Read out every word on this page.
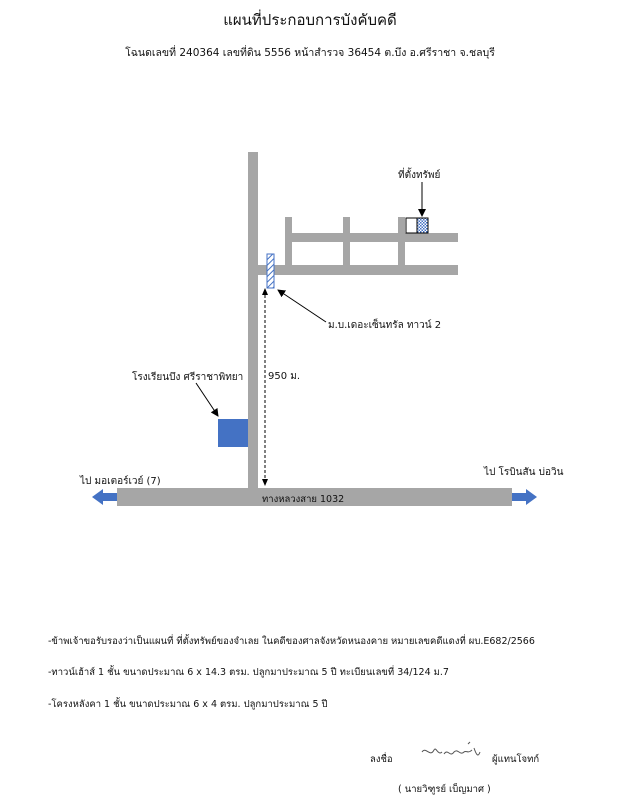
แผนที่ประกอบการบังคับคดี
โฉนดเลขที่ 240364 เลขที่ดิน 5556 หน้าสำรวจ 36454 ต.บึง อ.ศรีราชา จ.ชลบุรี
ที่ตั้งทรัพย์
ม.บ.เดอะเซ็นทรัล ทาวน์ 2
โรงเรียนบึง ศรีราชาพิทยา 950 ม.
ทางหลวงสาย 1032
ไป มอเตอร์เวย์ (7)
ไป โรบินสัน บ่อวิน
-ข้าพเจ้าขอรับรองว่าเป็นแผนที่ ที่ตั้งทรัพย์ของจำเลย ในคดีของศาลจังหวัดหนองคาย หมายเลขคดีแดงที่ ผบ.E682/2566
-ทาวน์เฮ้าส์ 1 ชั้น ขนาดประมาณ 6 x 14.3 ตรม. ปลูกมาประมาณ 5 ปี ทะเบียนเลขที่ 34/124 ม.7
-โครงหลังคา 1 ชั้น ขนาดประมาณ 6 x 4 ตรม. ปลูกมาประมาณ 5 ปี
ลงชื่อ	ผู้แทนโจทก์
( นายวิฑูรย์ เบ็ญมาศ )
